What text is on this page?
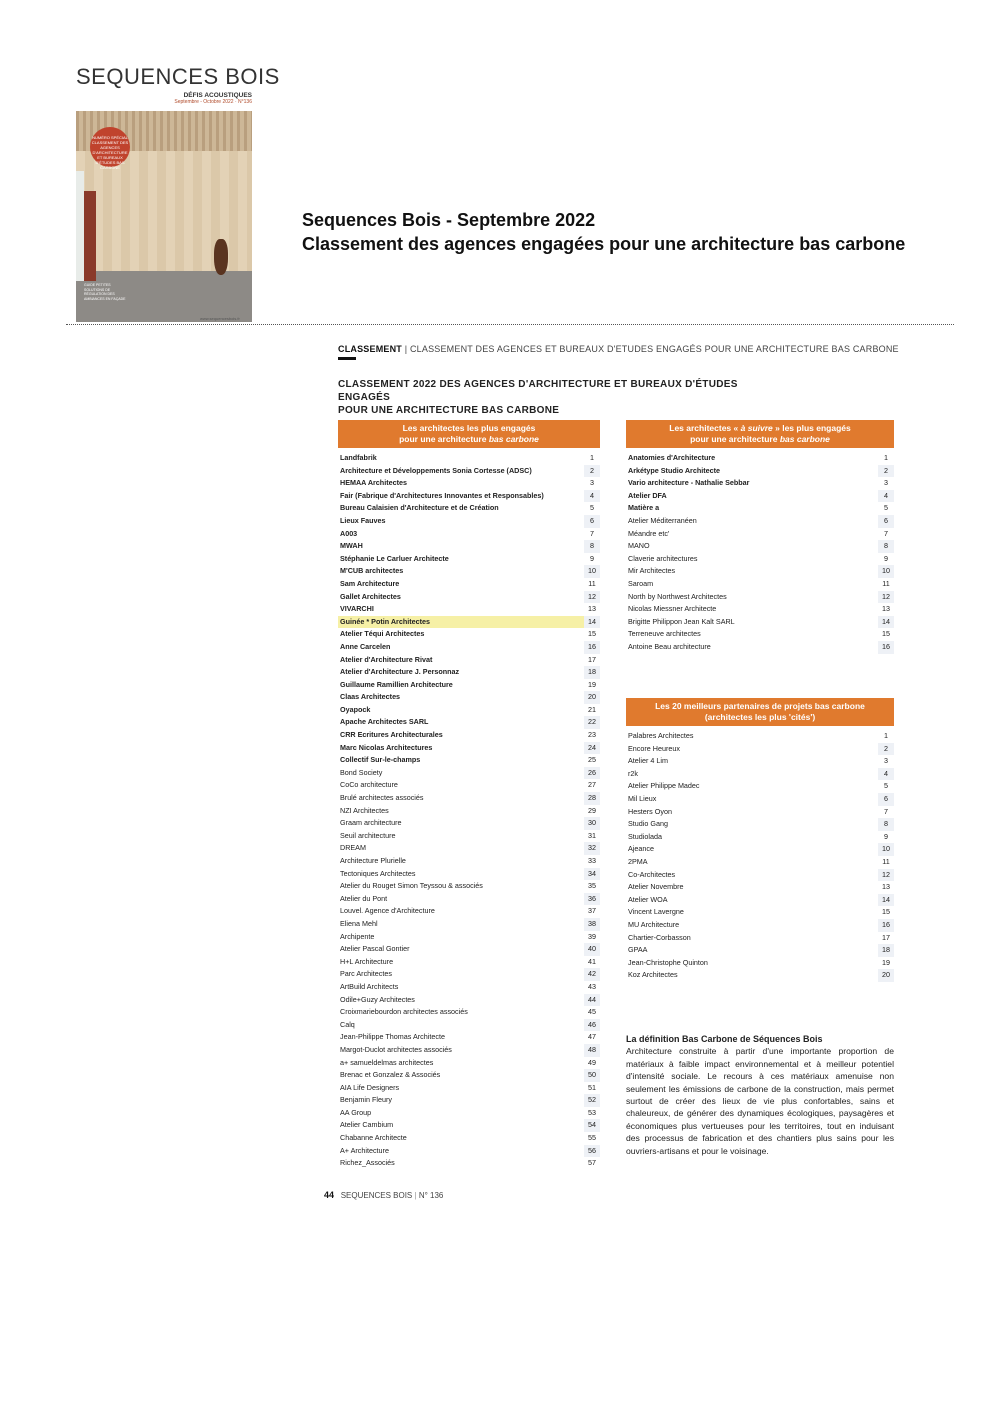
SEQUENCES BOIS
DÉFIS ACOUSTIQUES
Septembre - Octobre 2022 · N°136
NUMÉRO SPÉCIAL CLASSEMENT DES AGENCES D'ARCHITECTURE ET BUREAUX D'ÉTUDES BAS CARBONE
GUIDE PETITES SOLUTIONS DE RÉGULATION DES AMBIANCES EN FAÇADE
www.sequencesbois.fr
Sequences Bois - Septembre 2022
Classement des agences engagées pour une architecture bas carbone
CLASSEMENT | CLASSEMENT DES AGENCES ET BUREAUX D'ETUDES ENGAGÉS POUR UNE ARCHITECTURE BAS CARBONE
CLASSEMENT 2022 DES AGENCES D'ARCHITECTURE ET BUREAUX D'ÉTUDES ENGAGÉS
POUR UNE ARCHITECTURE BAS CARBONE
Les architectes les plus engagés
pour une architecture bas carbone
Landfabrik	1
Architecture et Développements Sonia Cortesse (ADSC)	2
HEMAA Architectes	3
Fair (Fabrique d'Architectures Innovantes et Responsables)	4
Bureau Calaisien d'Architecture et de Création	5
Lieux Fauves	6
A003	7
MWAH	8
Stéphanie Le Carluer Architecte	9
M'CUB architectes	10
Sam Architecture	11
Gallet Architectes	12
VIVARCHI	13
Guinée * Potin Architectes	14
Atelier Téqui Architectes	15
Anne Carcelen	16
Atelier d'Architecture Rivat	17
Atelier d'Architecture J. Personnaz	18
Guillaume Ramillien Architecture	19
Claas Architectes	20
Oyapock	21
Apache Architectes SARL	22
CRR Ecritures Architecturales	23
Marc Nicolas Architectures	24
Collectif Sur-le-champs	25
Bond Society	26
CoCo architecture	27
Brulé architectes associés	28
NZI Architectes	29
Graam architecture	30
Seuil architecture	31
DREAM	32
Architecture Plurielle	33
Tectoniques Architectes	34
Atelier du Rouget Simon Teyssou & associés	35
Atelier du Pont	36
Louvel. Agence d'Architecture	37
Eliena Mehl	38
Archipente	39
Atelier Pascal Gontier	40
H+L Architecture	41
Parc Architectes	42
ArtBuild Architects	43
Odile+Guzy Architectes	44
Croixmariebourdon architectes associés	45
Calq	46
Jean-Philippe Thomas Architecte	47
Margot-Duclot architectes associés	48
a+ samueldelmas architectes	49
Brenac et Gonzalez & Associés	50
AIA Life Designers	51
Benjamin Fleury	52
AA Group	53
Atelier Cambium	54
Chabanne Architecte	55
A+ Architecture	56
Richez_Associés	57
Les architectes « à suivre » les plus engagés
pour une architecture bas carbone
Anatomies d'Architecture	1
Arkétype Studio Architecte	2
Vario architecture - Nathalie Sebbar	3
Atelier DFA	4
Matière a	5
Atelier Méditerranéen	6
Méandre etc'	7
MANO	8
Claverie architectures	9
Mir Architectes	10
Saroam	11
North by Northwest Architectes	12
Nicolas Miessner Architecte	13
Brigitte Philippon Jean Kalt SARL	14
Terreneuve architectes	15
Antoine Beau architecture	16
Les 20 meilleurs partenaires de projets bas carbone
(architectes les plus 'cités')
Palabres Architectes	1
Encore Heureux	2
Atelier 4 Lim	3
r2k	4
Atelier Philippe Madec	5
Mil Lieux	6
Hesters Oyon	7
Studio Gang	8
Studiolada	9
Ajeance	10
2PMA	11
Co-Architectes	12
Atelier Novembre	13
Atelier WOA	14
Vincent Lavergne	15
MU Architecture	16
Chartier-Corbasson	17
GPAA	18
Jean-Christophe Quinton	19
Koz Architectes	20
La définition Bas Carbone de Séquences Bois
Architecture construite à partir d'une importante proportion de matériaux à faible impact environnemental et à meilleur potentiel d'intensité sociale. Le recours à ces matériaux amenuise non seulement les émissions de carbone de la construction, mais permet surtout de créer des lieux de vie plus confortables, sains et chaleureux, de générer des dynamiques écologiques, paysagères et économiques plus vertueuses pour les territoires, tout en induisant des processus de fabrication et des chantiers plus sains pour les ouvriers-artisans et pour le voisinage.
44 SEQUENCES BOIS | N° 136
